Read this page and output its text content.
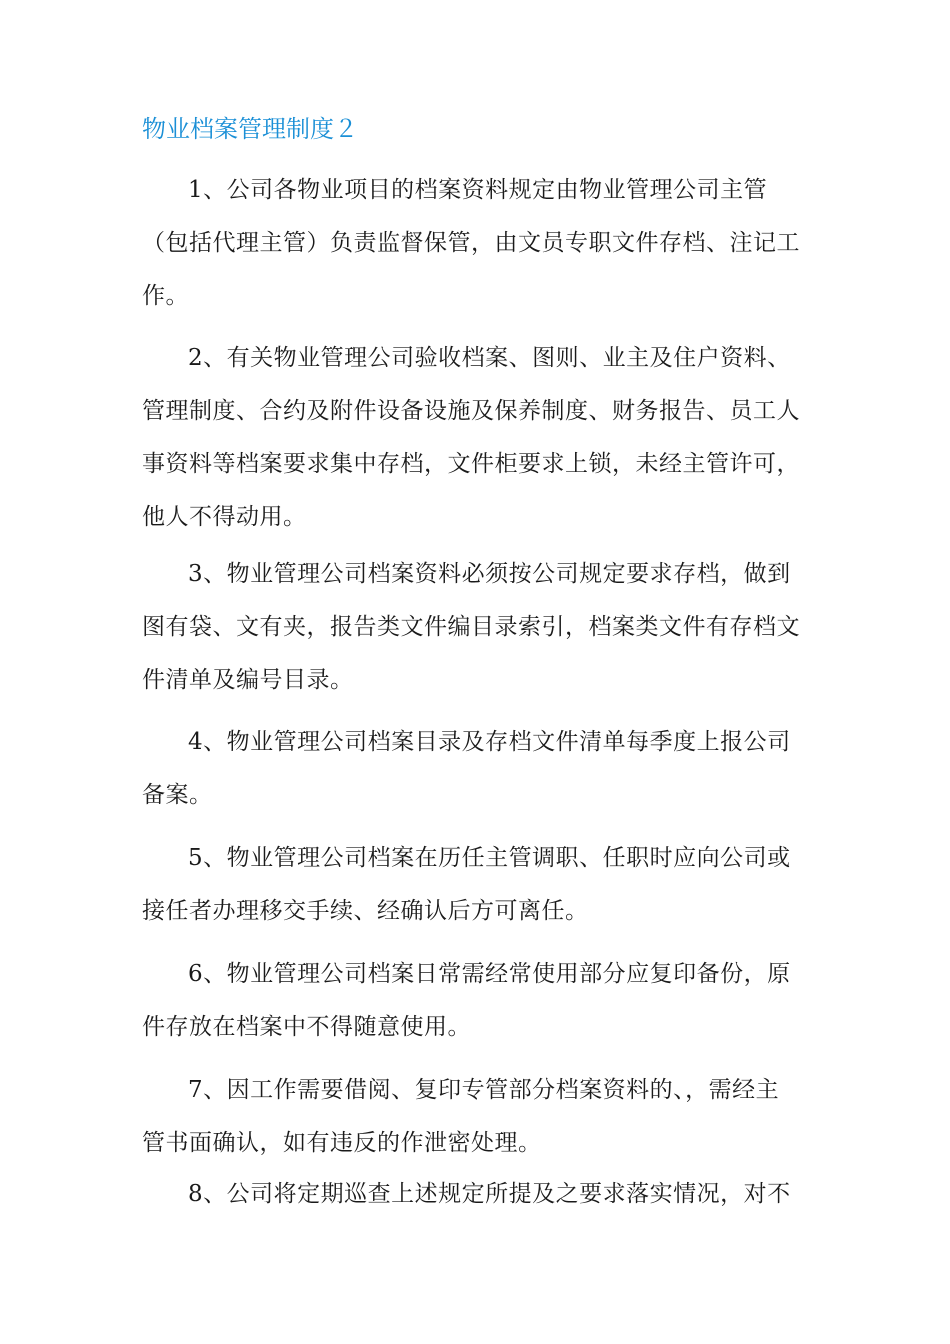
物业档案管理制度２

1、公司各物业项目的档案资料规定由物业管理公司主管（包括代理主管）负责监督保管，由文员专职文件存档、注记工作。

2、有关物业管理公司验收档案、图则、业主及住户资料、管理制度、合约及附件设备设施及保养制度、财务报告、员工人事资料等档案要求集中存档，文件柜要求上锁，未经主管许可，他人不得动用。

3、物业管理公司档案资料必须按公司规定要求存档，做到图有袋、文有夹，报告类文件编目录索引，档案类文件有存档文件清单及编号目录。

4、物业管理公司档案目录及存档文件清单每季度上报公司备案。

5、物业管理公司档案在历任主管调职、任职时应向公司或接任者办理移交手续、经确认后方可离任。

6、物业管理公司档案日常需经常使用部分应复印备份，原件存放在档案中不得随意使用。

7、因工作需要借阅、复印专管部分档案资料的、，需经主管书面确认，如有违反的作泄密处理。

8、公司将定期巡查上述规定所提及之要求落实情况，对不
